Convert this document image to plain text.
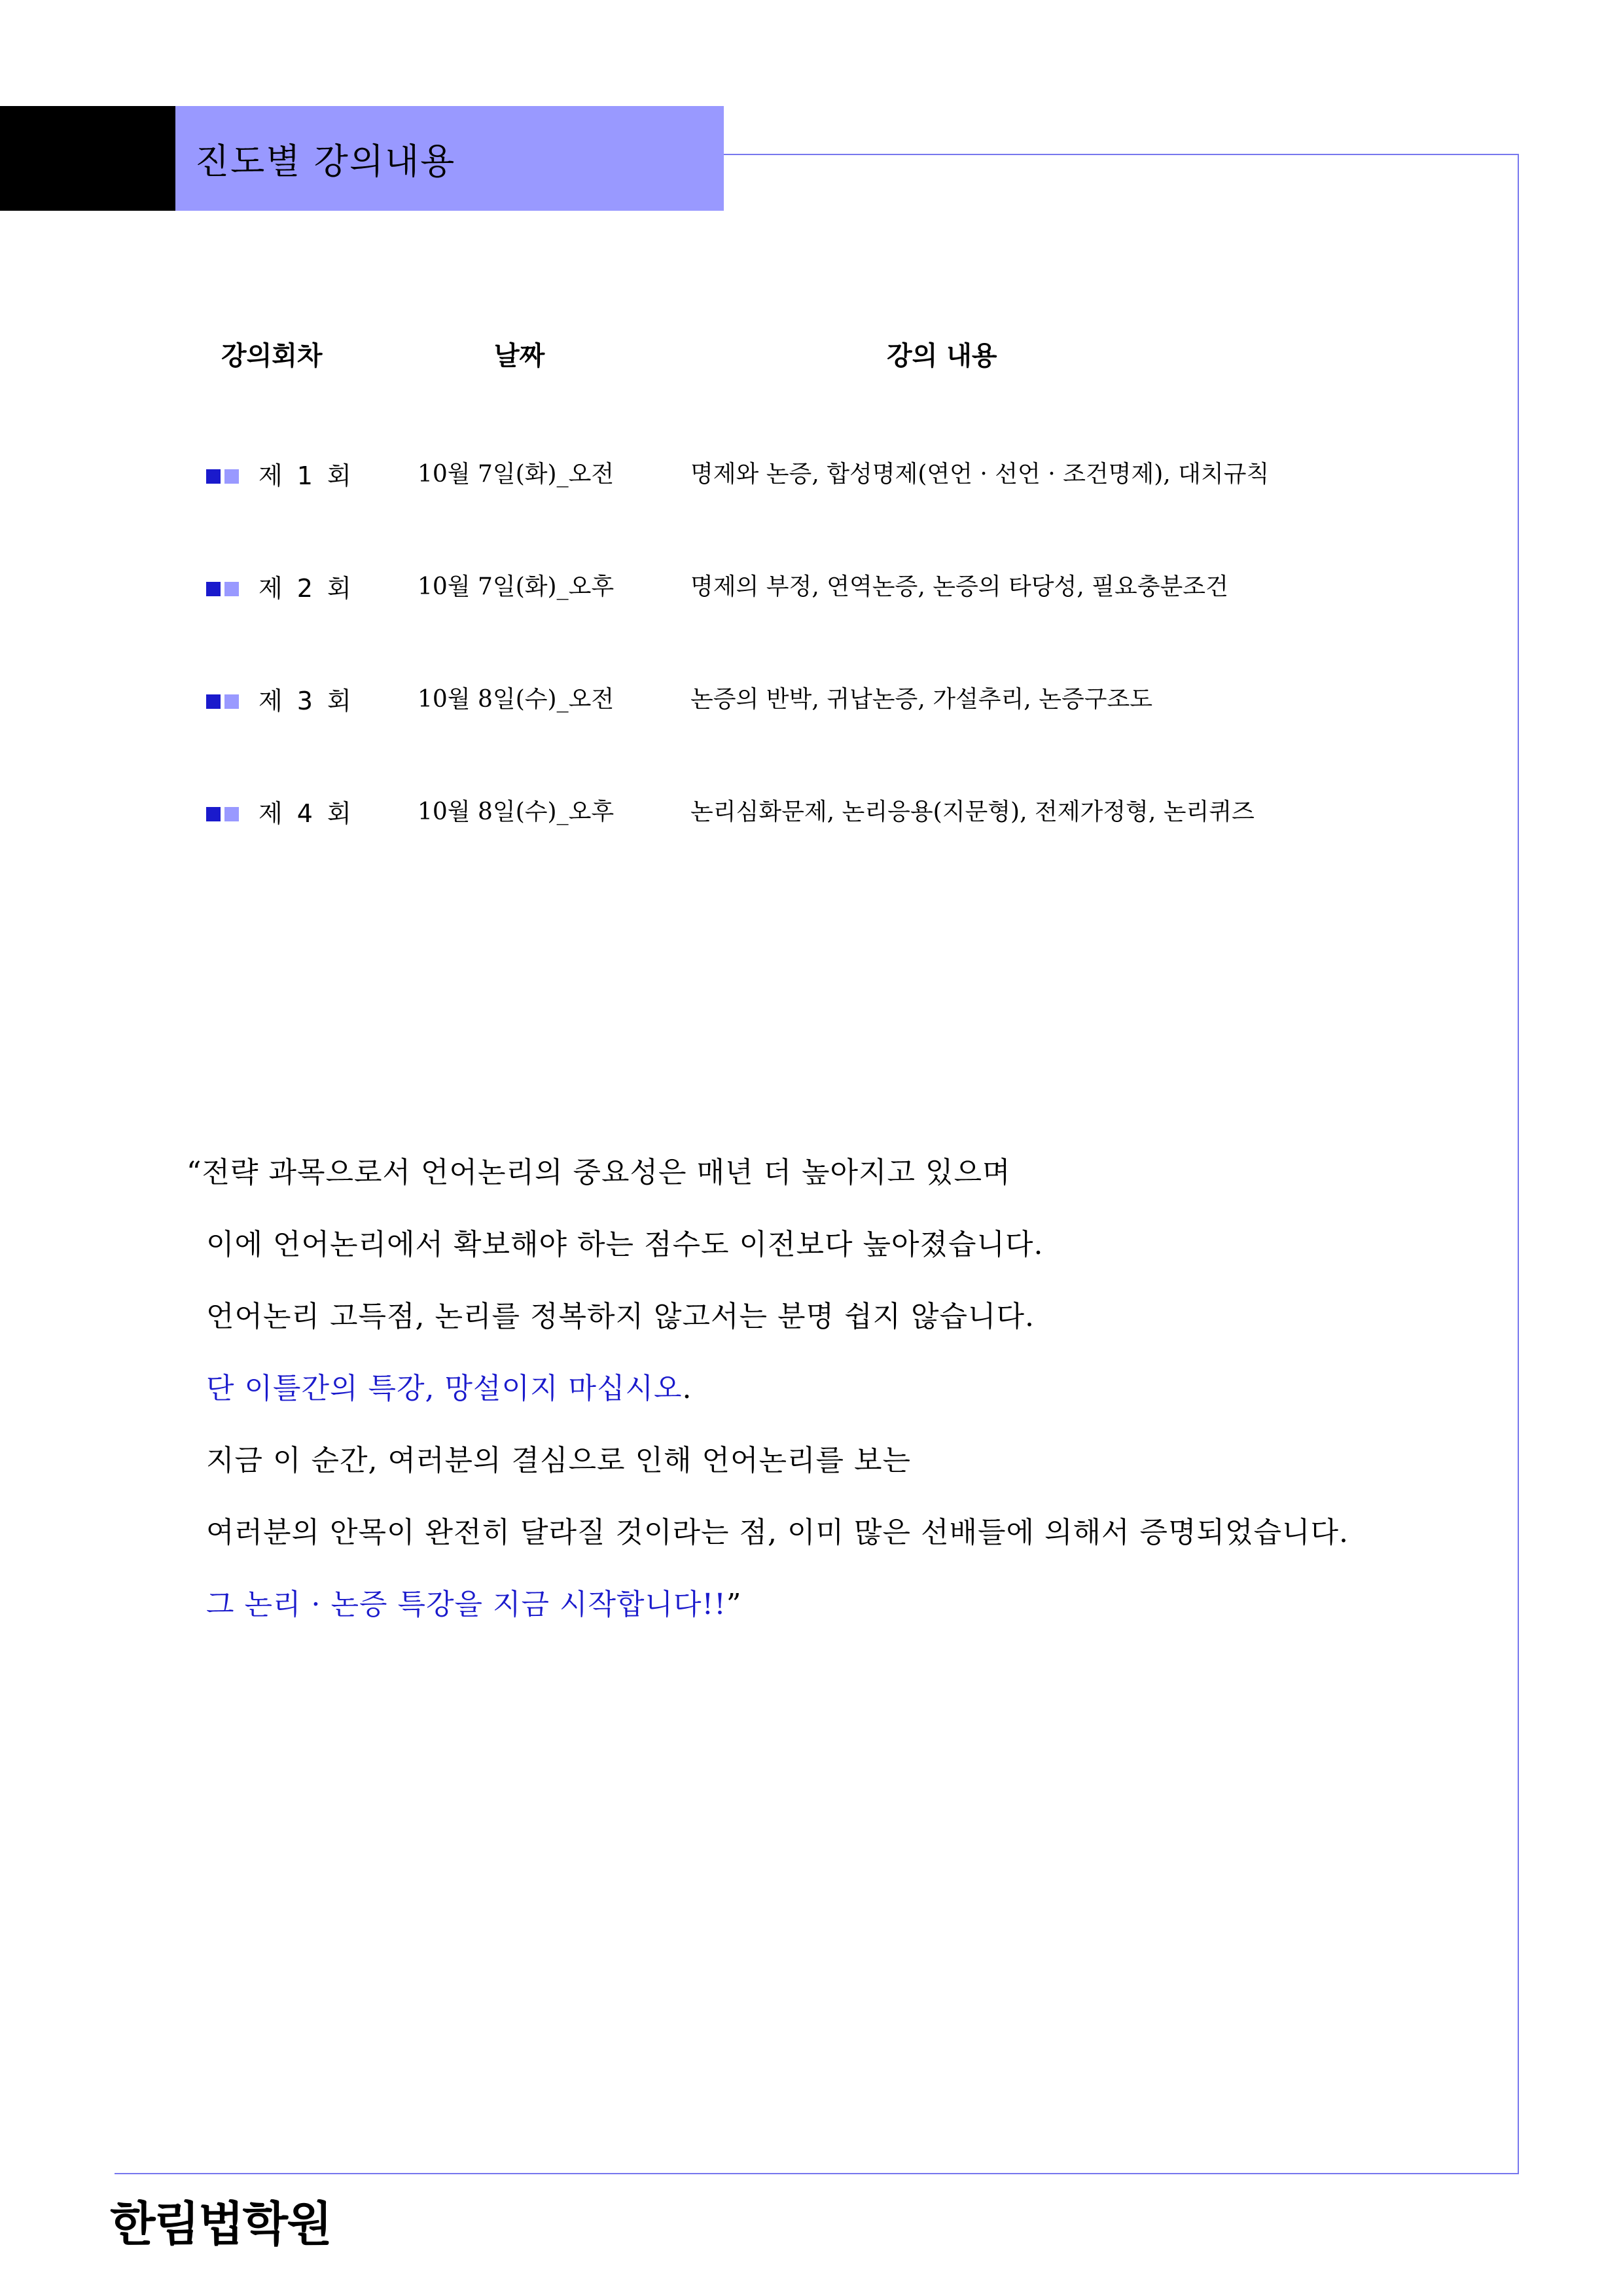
진도별 강의내용
강의회차	날짜	강의 내용
제 1 회	10월 7일(화)_오전	명제와 논증, 합성명제(연언 · 선언 · 조건명제), 대치규칙
제 2 회	10월 7일(화)_오후	명제의 부정, 연역논증, 논증의 타당성, 필요충분조건
제 3 회	10월 8일(수)_오전	논증의 반박, 귀납논증, 가설추리, 논증구조도
제 4 회	10월 8일(수)_오후	논리심화문제, 논리응용(지문형), 전제가정형, 논리퀴즈
“전략 과목으로서 언어논리의 중요성은 매년 더 높아지고 있으며
이에 언어논리에서 확보해야 하는 점수도 이전보다 높아졌습니다.
언어논리 고득점, 논리를 정복하지 않고서는 분명 쉽지 않습니다.
단 이틀간의 특강, 망설이지 마십시오.
지금 이 순간, 여러분의 결심으로 인해 언어논리를 보는
여러분의 안목이 완전히 달라질 것이라는 점, 이미 많은 선배들에 의해서 증명되었습니다.
그 논리 · 논증 특강을 지금 시작합니다!!”
한림법학원
